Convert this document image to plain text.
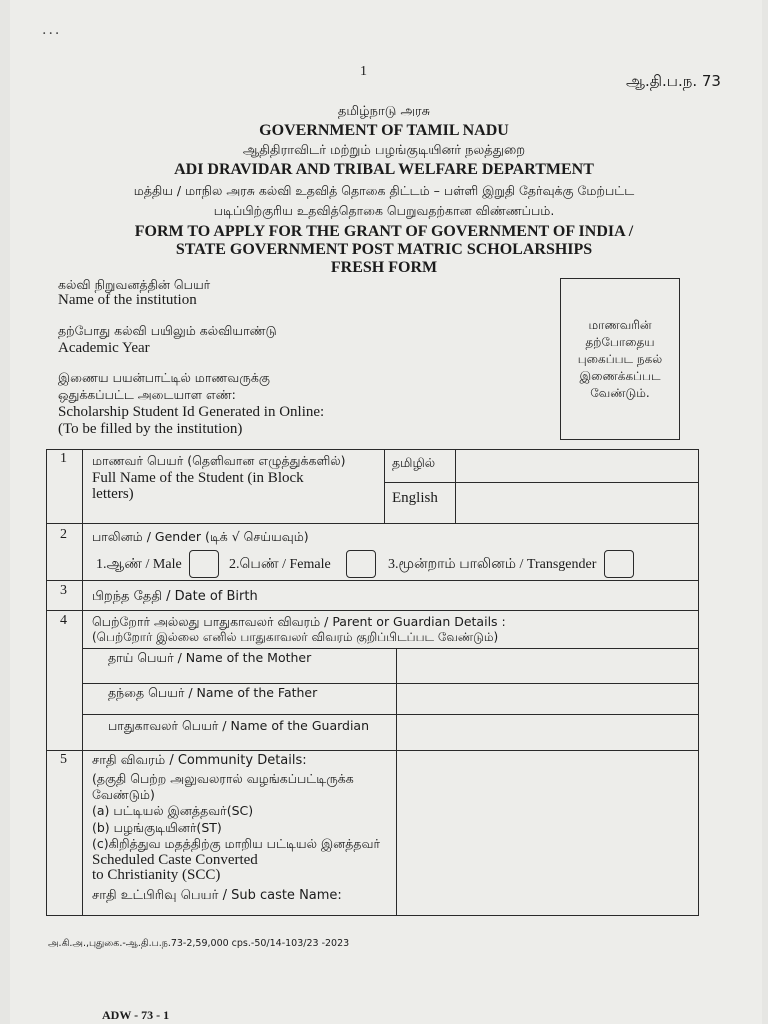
...
1
ஆ.தி.ப.ந. 73
தமிழ்நாடு அரசு
GOVERNMENT OF TAMIL NADU
ஆதிதிராவிடர் மற்றும் பழங்குடியினர் நலத்துறை
ADI DRAVIDAR AND TRIBAL WELFARE DEPARTMENT
மத்திய / மாநில அரசு கல்வி உதவித் தொகை திட்டம் – பள்ளி இறுதி தேர்வுக்கு மேற்பட்ட
படிப்பிற்குரிய உதவித்தொகை பெறுவதற்கான விண்ணப்பம்.
FORM TO APPLY FOR THE GRANT OF GOVERNMENT OF INDIA /
STATE GOVERNMENT POST MATRIC SCHOLARSHIPS
FRESH FORM
கல்வி நிறுவனத்தின் பெயர்
Name of the institution
தற்போது கல்வி பயிலும் கல்வியாண்டு
Academic Year
இணைய பயன்பாட்டில் மாணவருக்கு
ஒதுக்கப்பட்ட அடையாள எண்:
Scholarship Student Id Generated in Online:
(To be filled by the institution)
மாணவரின்
தற்போதைய
புகைப்பட நகல்
இணைக்கப்பட
வேண்டும்.
1 மாணவர் பெயர் (தெளிவான எழுத்துக்களில்)
Full Name of the Student (in Block
letters)
தமிழில்
English
2 பாலினம் / Gender (டிக் √ செய்யவும்)
1.ஆண் / Male	2.பெண் / Female	3.மூன்றாம் பாலினம் / Transgender
3 பிறந்த தேதி / Date of Birth
4 பெற்றோர் அல்லது பாதுகாவலர் விவரம் / Parent or Guardian Details :
(பெற்றோர் இல்லை எனில் பாதுகாவலர் விவரம் குறிப்பிடப்பட வேண்டும்)
தாய் பெயர் / Name of the Mother
தந்தை பெயர் / Name of the Father
பாதுகாவலர் பெயர் / Name of the Guardian
5 சாதி விவரம் / Community Details:
(தகுதி பெற்ற அலுவலரால் வழங்கப்பட்டிருக்க
வேண்டும்)
(a) பட்டியல் இனத்தவர்(SC)
(b) பழங்குடியினர்(ST)
(c)கிறித்துவ மதத்திற்கு மாறிய பட்டியல் இனத்தவர்
Scheduled Caste Converted
to Christianity (SCC)
சாதி உட்பிரிவு பெயர் / Sub caste Name:
அ.கி.அ.,புதுகை.-ஆ.தி.ப.ந.73-2,59,000 cps.-50/14-103/23 -2023
ADW - 73 - 1
